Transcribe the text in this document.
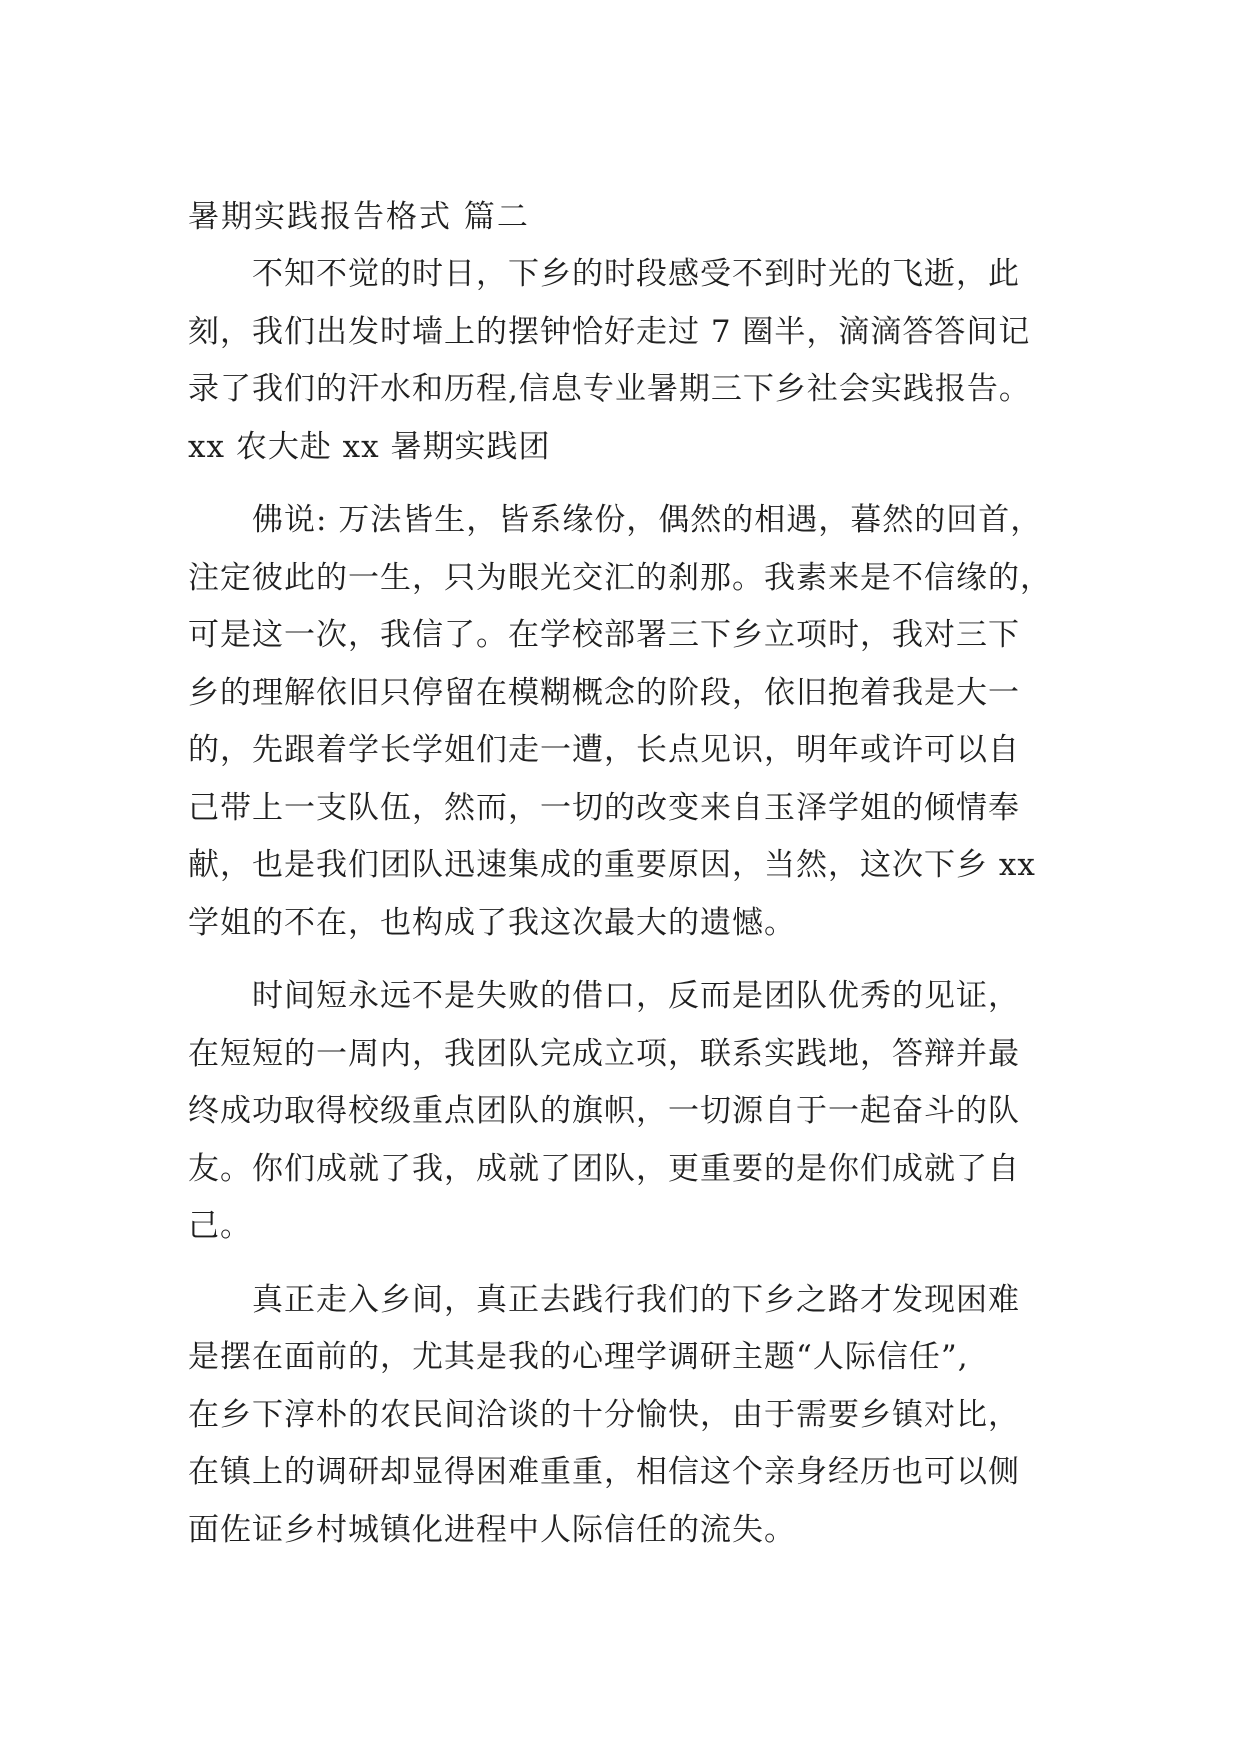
暑期实践报告格式 篇二

不知不觉的时日，下乡的时段感受不到时光的飞逝，此
刻，我们出发时墙上的摆钟恰好走过 7 圈半，滴滴答答间记
录了我们的汗水和历程,信息专业暑期三下乡社会实践报告。

xx 农大赴 xx 暑期实践团

佛说: 万法皆生，皆系缘份，偶然的相遇，暮然的回首，
注定彼此的一生，只为眼光交汇的刹那。我素来是不信缘的，
可是这一次，我信了。在学校部署三下乡立项时，我对三下
乡的理解依旧只停留在模糊概念的阶段，依旧抱着我是大一
的，先跟着学长学姐们走一遭，长点见识，明年或许可以自
己带上一支队伍，然而，一切的改变来自玉泽学姐的倾情奉
献，也是我们团队迅速集成的重要原因，当然，这次下乡 xx
学姐的不在，也构成了我这次最大的遗憾。

时间短永远不是失败的借口，反而是团队优秀的见证，
在短短的一周内，我团队完成立项，联系实践地，答辩并最
终成功取得校级重点团队的旗帜，一切源自于一起奋斗的队
友。你们成就了我，成就了团队，更重要的是你们成就了自
己。

真正走入乡间，真正去践行我们的下乡之路才发现困难
是摆在面前的，尤其是我的心理学调研主题“人际信任”,
在乡下淳朴的农民间洽谈的十分愉快，由于需要乡镇对比，
在镇上的调研却显得困难重重，相信这个亲身经历也可以侧
面佐证乡村城镇化进程中人际信任的流失。
